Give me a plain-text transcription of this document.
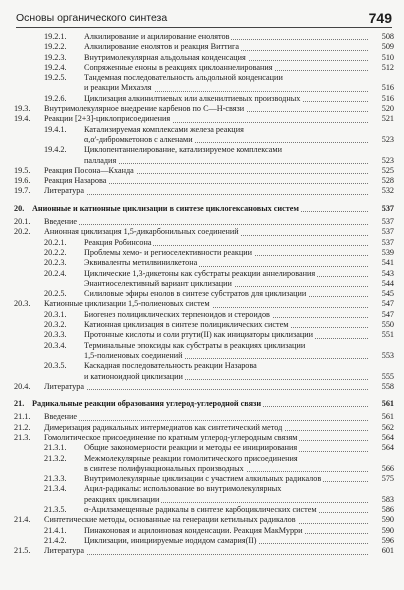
Основы органического синтеза	749
19.2.1.	Алкилирование и ацилирование енолятов	508
19.2.2.	Алкилирование енолятов и реакция Виттига	509
19.2.3.	Внутримолекулярная альдольная конденсация	510
19.2.4.	Сопряженные еноны в реакциях циклоаннелирования	512
19.2.5.	Тандемная последовательность альдольной конденсации
и реакции Михаэля	516
19.2.6.	Циклизация алкинилтиевых или алкенилтиевых производных	516
19.3.	Внутримолекулярное внедрение карбенов по C—H-связи	520
19.4.	Реакции [2+3]-циклоприсоединения	521
19.4.1.	Катализируемая комплексами железа реакция
α,α'-дибромкетонов с алкенами	523
19.4.2.	Циклопентаннелирование, катализируемое комплексами
палладия	523
19.5.	Реакция Посона—Кханда	525
19.6.	Реакция Назарова	528
19.7.	Литература	532
20. Анионные и катионные циклизации в синтезе циклогексановых систем	537
20.1.	Введение	537
20.2.	Анионная циклизация 1,5-дикарбонильных соединений	537
20.2.1.	Реакция Робинсона	537
20.2.2.	Проблемы хемо- и региоселективности реакции	539
20.2.3.	Эквиваленты метилвинилкетона	541
20.2.4.	Циклические 1,3-дикетоны как субстраты реакции аннелирования	543
Энантиоселективный вариант циклизации	544
20.2.5.	Силиловые эфиры енолов в синтезе субстратов для циклизации	545
20.3.	Катионные циклизации 1,5-полиеновых систем	547
20.3.1.	Биогенез полициклических терпеноидов и стероидов	547
20.3.2.	Катионная циклизация в синтезе полициклических систем	550
20.3.3.	Протонные кислоты и соли ртути(II) как инициаторы циклизации	551
20.3.4.	Терминальные эпоксиды как субстраты в реакциях циклизации
1,5-полиеновых соединений	553
20.3.5.	Каскадная последовательность реакции Назарова
и катионоидной циклизации	555
20.4.	Литература	558
21. Радикальные реакции образования углерод-углеродной связи	561
21.1.	Введение	561
21.2.	Димеризация радикальных интермедиатов как синтетический метод	562
21.3.	Гомолитическое присоединение по кратным углерод-углеродным связям	564
21.3.1.	Общие закономерности реакции и методы ее инициирования	564
21.3.2.	Межмолекулярные реакции гомолитического присоединения
в синтезе полифункциональных производных	566
21.3.3.	Внутримолекулярные циклизации с участием алкильных радикалов	575
21.3.4.	Ацил-радикалы: использование во внутримолекулярных
реакциях циклизации	583
21.3.5.	α-Ацилзамещенные радикалы в синтезе карбоциклических систем	586
21.4.	Синтетические методы, основанные на генерации кетильных радикалов	590
21.4.1.	Пинаконовая и ацилоиновая конденсации. Реакция МакМурри	590
21.4.2.	Циклизации, инициируемые иодидом самария(II)	596
21.5.	Литература	601
